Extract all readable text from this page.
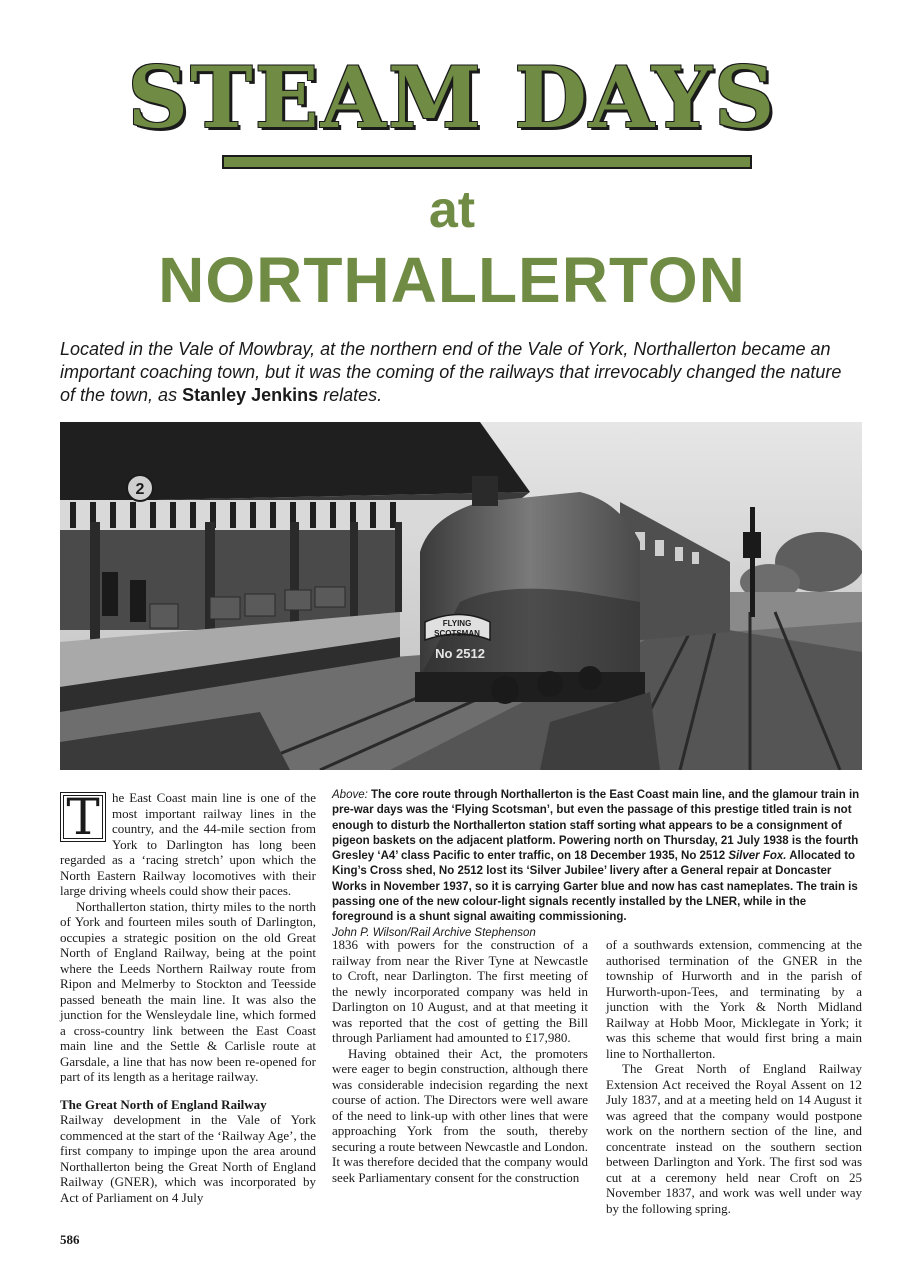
STEAM DAYS
at
NORTHALLERTON
Located in the Vale of Mowbray, at the northern end of the Vale of York, Northallerton became an important coaching town, but it was the coming of the railways that irrevocably changed the nature of the town, as Stanley Jenkins relates.
2
FLYING
SCOTSMAN
No 2512
Above: The core route through Northallerton is the East Coast main line, and the glamour train in pre-war days was the ‘Flying Scotsman’, but even the passage of this prestige titled train is not enough to disturb the Northallerton station staff sorting what appears to be a consignment of pigeon baskets on the adjacent platform. Powering north on Thursday, 21 July 1938 is the fourth Gresley ‘A4’ class Pacific to enter traffic, on 18 December 1935, No 2512 Silver Fox. Allocated to King’s Cross shed, No 2512 lost its ‘Silver Jubilee’ livery after a General repair at Doncaster Works in November 1937, so it is carrying Garter blue and now has cast nameplates. The train is passing one of the new colour-light signals recently installed by the LNER, while in the foreground is a shunt signal awaiting commissioning.
John P. Wilson/Rail Archive Stephenson

T he East Coast main line is one of the most important railway lines in the country, and the 44-mile section from York to Darlington has long been regarded as a ‘racing stretch’ upon which the North Eastern Railway locomotives with their large driving wheels could show their paces.

Northallerton station, thirty miles to the north of York and fourteen miles south of Darlington, occupies a strategic position on the old Great North of England Railway, being at the point where the Leeds Northern Railway route from Ripon and Melmerby to Stockton and Teesside passed beneath the main line. It was also the junction for the Wensleydale line, which formed a cross-country link between the East Coast main line and the Settle & Carlisle route at Garsdale, a line that has now been re-opened for part of its length as a heritage railway.

The Great North of England Railway

Railway development in the Vale of York commenced at the start of the ‘Railway Age’, the first company to impinge upon the area around Northallerton being the Great North of England Railway (GNER), which was incorporated by Act of Parliament on 4 July

1836 with powers for the construction of a railway from near the River Tyne at Newcastle to Croft, near Darlington. The first meeting of the newly incorporated company was held in Darlington on 10 August, and at that meeting it was reported that the cost of getting the Bill through Parliament had amounted to £17,980.

Having obtained their Act, the promoters were eager to begin construction, although there was considerable indecision regarding the next course of action. The Directors were well aware of the need to link-up with other lines that were approaching York from the south, thereby securing a route between Newcastle and London. It was therefore decided that the company would seek Parliamentary consent for the construction

of a southwards extension, commencing at the authorised termination of the GNER in the township of Hurworth and in the parish of Hurworth-upon-Tees, and terminating by a junction with the York & North Midland Railway at Hobb Moor, Micklegate in York; it was this scheme that would first bring a main line to Northallerton.

The Great North of England Railway Extension Act received the Royal Assent on 12 July 1837, and at a meeting held on 14 August it was agreed that the company would postpone work on the northern section of the line, and concentrate instead on the southern section between Darlington and York. The first sod was cut at a ceremony held near Croft on 25 November 1837, and work was well under way by the following spring.

586
